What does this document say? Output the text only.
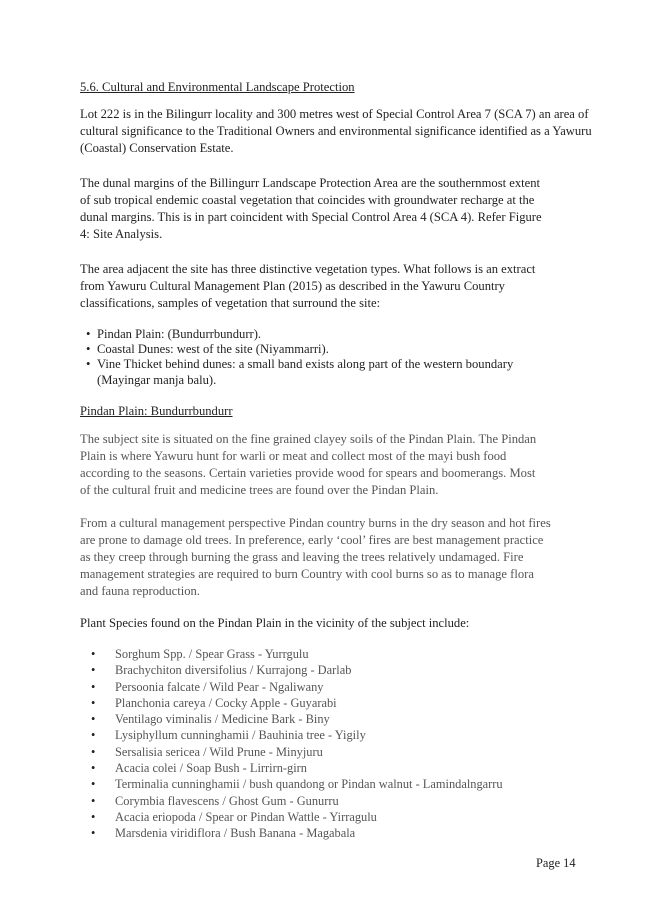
5.6. Cultural and Environmental Landscape Protection

Lot 222 is in the Bilingurr locality and 300 metres west of Special Control Area 7 (SCA 7) an area of
cultural significance to the Traditional Owners and environmental significance identified as a Yawuru
(Coastal) Conservation Estate.

The dunal margins of the Billingurr Landscape Protection Area are the southernmost extent
of sub tropical endemic coastal vegetation that coincides with groundwater recharge at the
dunal margins. This is in part coincident with Special Control Area 4 (SCA 4). Refer Figure
4: Site Analysis.

The area adjacent the site has three distinctive vegetation types. What follows is an extract
from Yawuru Cultural Management Plan (2015) as described in the Yawuru Country
classifications, samples of vegetation that surround the site:

• Pindan Plain: (Bundurrbundurr).
• Coastal Dunes: west of the site (Niyammarri).
• Vine Thicket behind dunes: a small band exists along part of the western boundary
(Mayingar manja balu).
Pindan Plain: Bundurrbundurr

The subject site is situated on the fine grained clayey soils of the Pindan Plain. The Pindan
Plain is where Yawuru hunt for warli or meat and collect most of the mayi bush food
according to the seasons. Certain varieties provide wood for spears and boomerangs. Most
of the cultural fruit and medicine trees are found over the Pindan Plain.

From a cultural management perspective Pindan country burns in the dry season and hot fires
are prone to damage old trees. In preference, early ‘cool’ fires are best management practice
as they creep through burning the grass and leaving the trees relatively undamaged. Fire
management strategies are required to burn Country with cool burns so as to manage flora
and fauna reproduction.

Plant Species found on the Pindan Plain in the vicinity of the subject include:

• Sorghum Spp. / Spear Grass - Yurrgulu
• Brachychiton diversifolius / Kurrajong - Darlab
• Persoonia falcate / Wild Pear - Ngaliwany
• Planchonia careya / Cocky Apple - Guyarabi
• Ventilago viminalis / Medicine Bark - Biny
• Lysiphyllum cunninghamii / Bauhinia tree - Yigily
• Sersalisia sericea / Wild Prune - Minyjuru
• Acacia colei / Soap Bush - Lirrirn-girn
• Terminalia cunninghamii / bush quandong or Pindan walnut - Lamindalngarru
• Corymbia flavescens / Ghost Gum - Gunurru
• Acacia eriopoda / Spear or Pindan Wattle - Yirragulu
• Marsdenia viridiflora / Bush Banana - Magabala
Page 14
